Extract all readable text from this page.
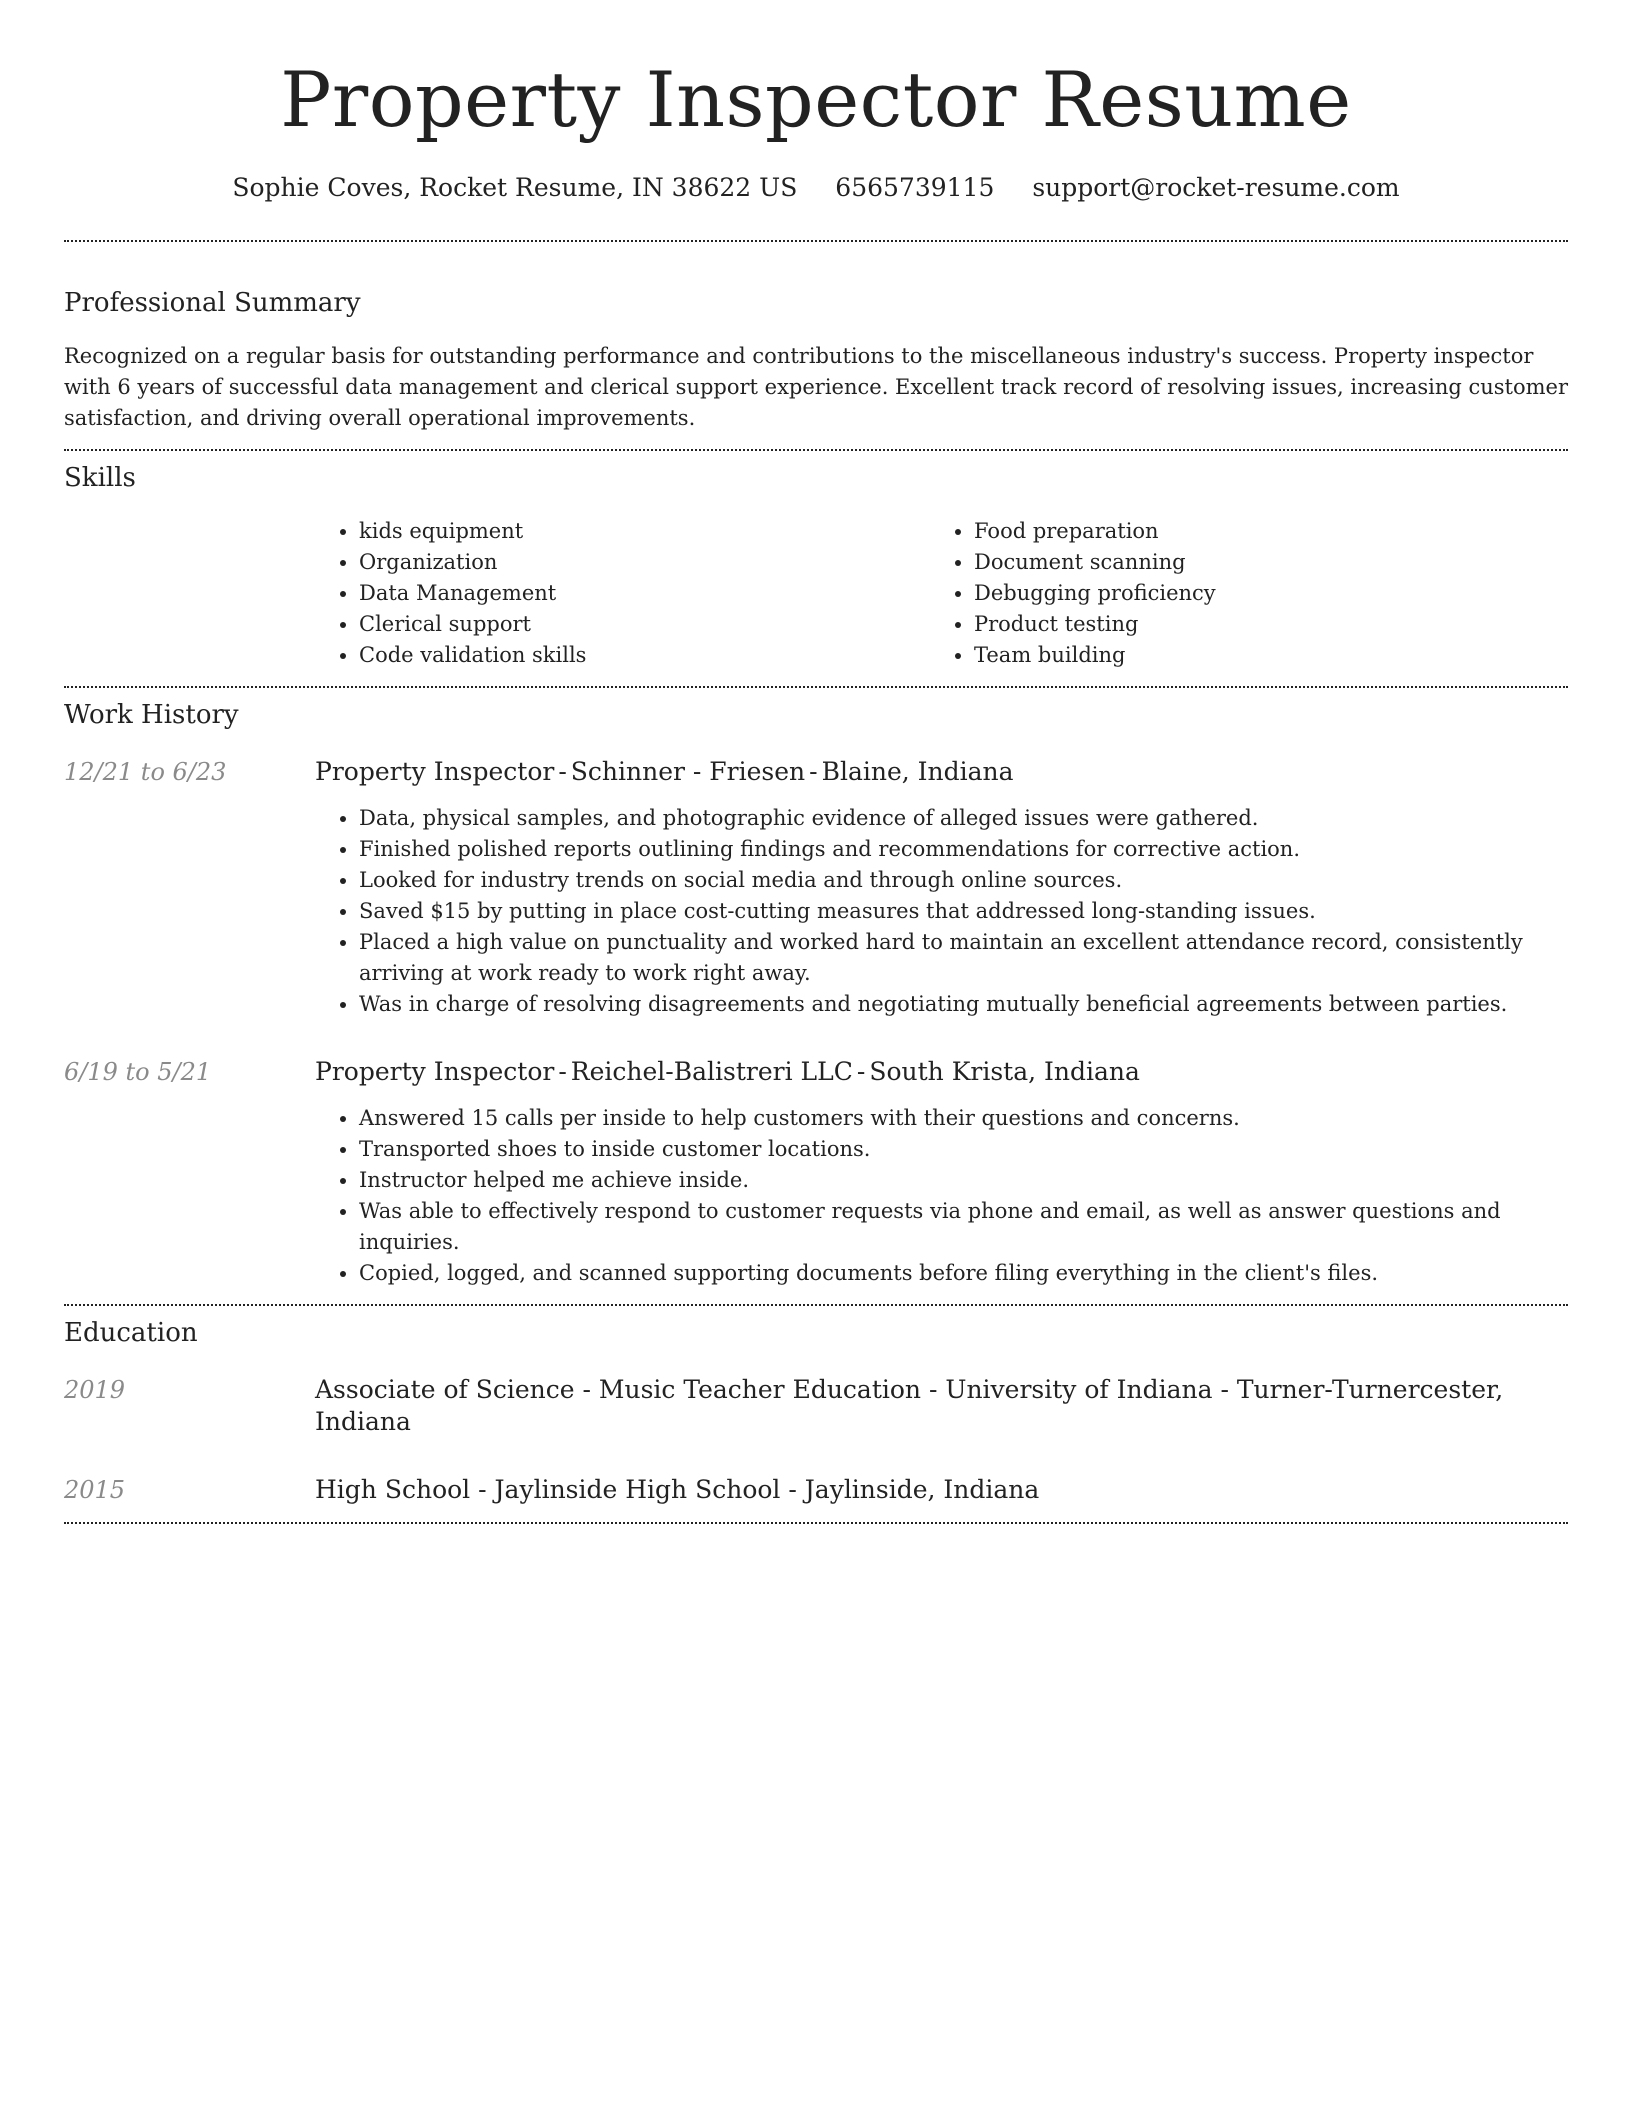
Property Inspector Resume
Sophie Coves, Rocket Resume, IN 38622 US 6565739115 support@rocket-resume.com
Professional Summary

Recognized on a regular basis for outstanding performance and contributions to the miscellaneous industry's success. Property inspector with 6 years of successful data management and clerical support experience. Excellent track record of resolving issues, increasing customer satisfaction, and driving overall operational improvements.

Skills
• kids equipment
• Organization
• Data Management
• Clerical support
• Code validation skills
• Food preparation
• Document scanning
• Debugging proficiency
• Product testing
• Team building
Work History
12/21 to 6/23	Property Inspector - Schinner - Friesen - Blaine, Indiana
• Data, physical samples, and photographic evidence of alleged issues were gathered.
• Finished polished reports outlining findings and recommendations for corrective action.
• Looked for industry trends on social media and through online sources.
• Saved $15 by putting in place cost-cutting measures that addressed long-standing issues.
• Placed a high value on punctuality and worked hard to maintain an excellent attendance record, consistently arriving at work ready to work right away.
• Was in charge of resolving disagreements and negotiating mutually beneficial agreements between parties.
6/19 to 5/21	Property Inspector - Reichel-Balistreri LLC - South Krista, Indiana
• Answered 15 calls per inside to help customers with their questions and concerns.
• Transported shoes to inside customer locations.
• Instructor helped me achieve inside.
• Was able to effectively respond to customer requests via phone and email, as well as answer questions and inquiries.
• Copied, logged, and scanned supporting documents before filing everything in the client's files.
Education
2019	Associate of Science - Music Teacher Education - University of Indiana - Turner-Turnercester, Indiana
2015	High School - Jaylinside High School - Jaylinside, Indiana
